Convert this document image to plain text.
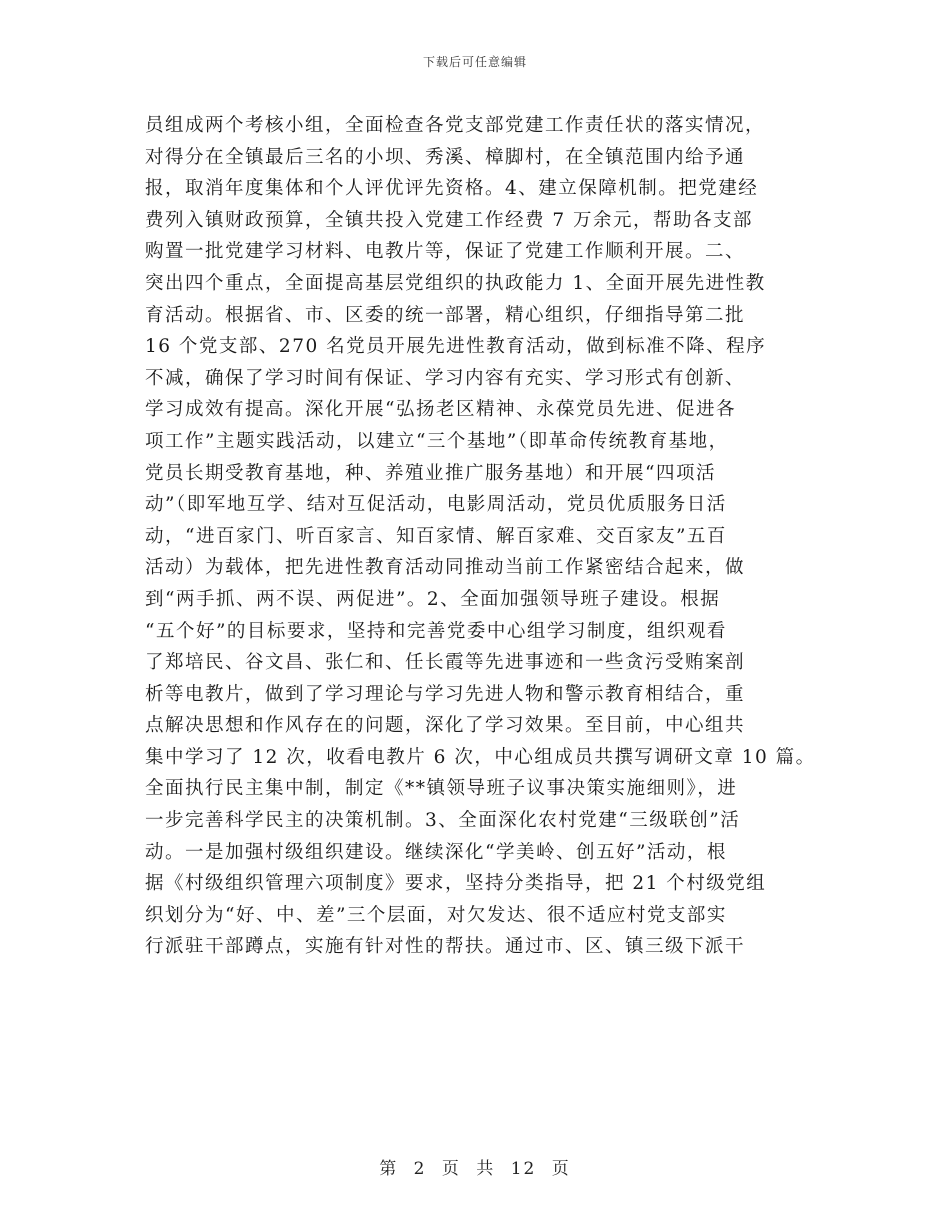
下载后可任意编辑
员组成两个考核小组，全面检查各党支部党建工作责任状的落实情况，
对得分在全镇最后三名的小坝、秀溪、樟脚村，在全镇范围内给予通
报，取消年度集体和个人评优评先资格。4、建立保障机制。把党建经
费列入镇财政预算，全镇共投入党建工作经费 7 万余元，帮助各支部
购置一批党建学习材料、电教片等，保证了党建工作顺利开展。二、
突出四个重点，全面提高基层党组织的执政能力 1、全面开展先进性教
育活动。根据省、市、区委的统一部署，精心组织，仔细指导第二批
16 个党支部、270 名党员开展先进性教育活动，做到标准不降、程序
不减，确保了学习时间有保证、学习内容有充实、学习形式有创新、
学习成效有提高。深化开展“弘扬老区精神、永葆党员先进、促进各
项工作”主题实践活动，以建立“三个基地”（即革命传统教育基地，
党员长期受教育基地，种、养殖业推广服务基地）和开展“四项活
动”（即军地互学、结对互促活动，电影周活动，党员优质服务日活
动，“进百家门、听百家言、知百家情、解百家难、交百家友”五百
活动）为载体，把先进性教育活动同推动当前工作紧密结合起来，做
到“两手抓、两不误、两促进”。2、全面加强领导班子建设。根据
“五个好”的目标要求，坚持和完善党委中心组学习制度，组织观看
了郑培民、谷文昌、张仁和、任长霞等先进事迹和一些贪污受贿案剖
析等电教片，做到了学习理论与学习先进人物和警示教育相结合，重
点解决思想和作风存在的问题，深化了学习效果。至目前，中心组共
集中学习了 12 次，收看电教片 6 次，中心组成员共撰写调研文章 10 篇。
全面执行民主集中制，制定《**镇领导班子议事决策实施细则》，进
一步完善科学民主的决策机制。3、全面深化农村党建“三级联创”活
动。一是加强村级组织建设。继续深化“学美岭、创五好”活动，根
据《村级组织管理六项制度》要求，坚持分类指导，把 21 个村级党组
织划分为“好、中、差”三个层面，对欠发达、很不适应村党支部实
行派驻干部蹲点，实施有针对性的帮扶。通过市、区、镇三级下派干
第 2 页 共 12 页
